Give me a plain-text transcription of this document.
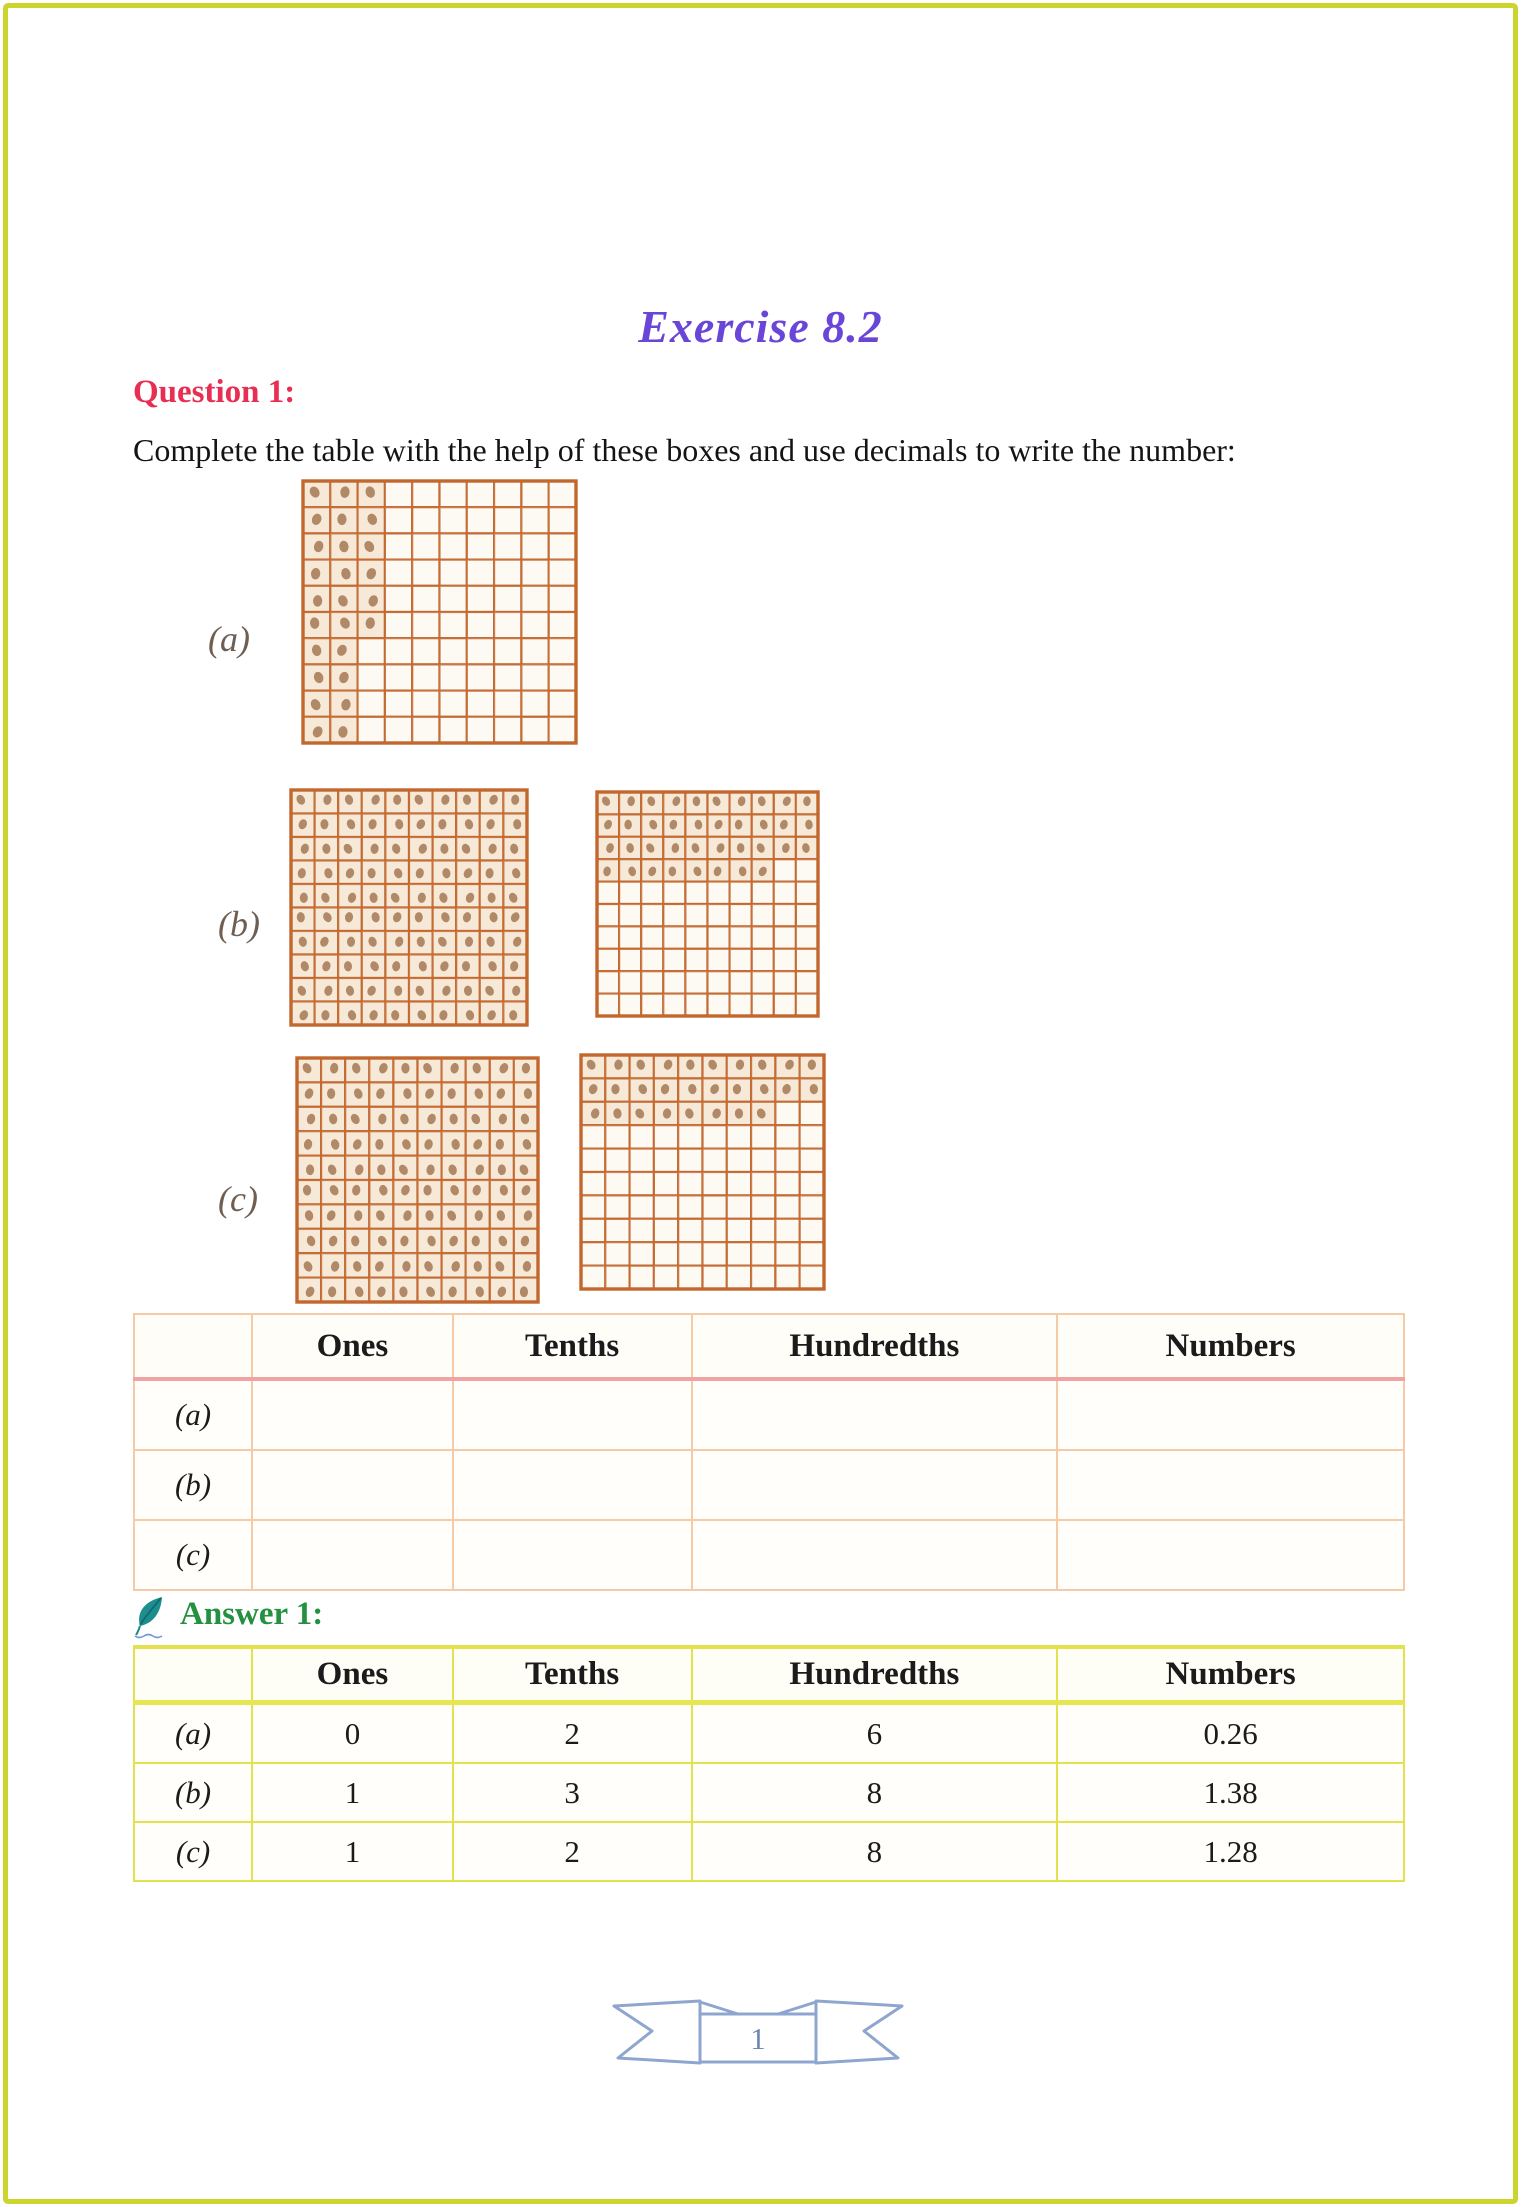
Exercise 8.2
Question 1:
Complete the table with the help of these boxes and use decimals to write the number:
(a)
(b)
(c)
	Ones	Tenths	Hundredths	Numbers
(a)				
(b)				
(c)				
Answer 1:
	Ones	Tenths	Hundredths	Numbers
(a)	0	2	6	0.26
(b)	1	3	8	1.38
(c)	1	2	8	1.28
1
